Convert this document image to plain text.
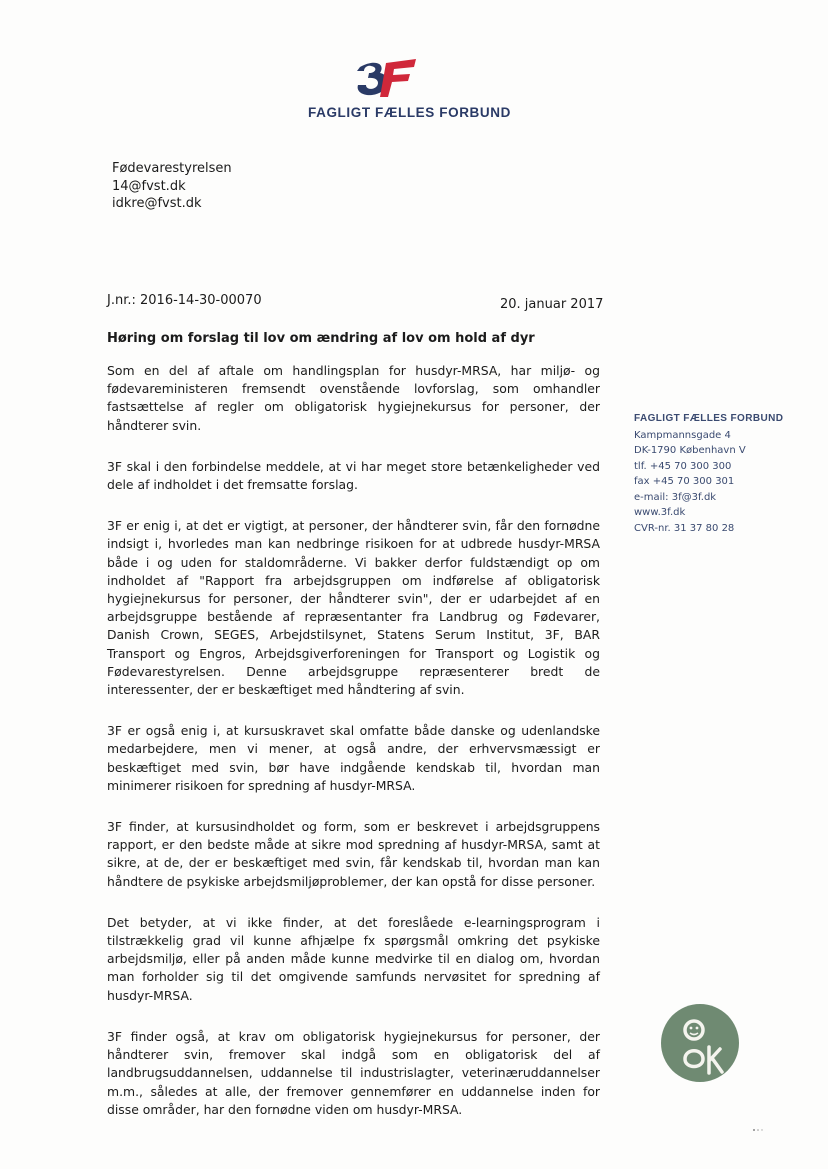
FAGLIGT FÆLLES FORBUND
Fødevarestyrelsen
14@fvst.dk
idkre@fvst.dk
J.nr.: 2016-14-30-00070	20. januar 2017
Høring om forslag til lov om ændring af lov om hold af dyr

Som en del af aftale om handlingsplan for husdyr-MRSA, har miljø- og fødevareministeren fremsendt ovenstående lovforslag, som omhandler fastsættelse af regler om obligatorisk hygiejnekursus for personer, der håndterer svin.

3F skal i den forbindelse meddele, at vi har meget store betænkeligheder ved dele af indholdet i det fremsatte forslag.

3F er enig i, at det er vigtigt, at personer, der håndterer svin, får den fornødne indsigt i, hvorledes man kan nedbringe risikoen for at udbrede husdyr-MRSA både i og uden for staldområderne. Vi bakker derfor fuldstændigt op om indholdet af "Rapport fra arbejdsgruppen om indførelse af obligatorisk hygiejnekursus for personer, der håndterer svin", der er udarbejdet af en arbejdsgruppe bestående af repræsentanter fra Landbrug og Fødevarer, Danish Crown, SEGES, Arbejdstilsynet, Statens Serum Institut, 3F, BAR Transport og Engros, Arbejdsgiverforeningen for Transport og Logistik og Fødevarestyrelsen. Denne arbejdsgruppe repræsenterer bredt de interessenter, der er beskæftiget med håndtering af svin.

3F er også enig i, at kursuskravet skal omfatte både danske og udenlandske medarbejdere, men vi mener, at også andre, der erhvervsmæssigt er beskæftiget med svin, bør have indgående kendskab til, hvordan man minimerer risikoen for spredning af husdyr-MRSA.

3F finder, at kursusindholdet og form, som er beskrevet i arbejdsgruppens rapport, er den bedste måde at sikre mod spredning af husdyr-MRSA, samt at sikre, at de, der er beskæftiget med svin, får kendskab til, hvordan man kan håndtere de psykiske arbejdsmiljøproblemer, der kan opstå for disse personer.

Det betyder, at vi ikke finder, at det foreslåede e-learningsprogram i tilstrækkelig grad vil kunne afhjælpe fx spørgsmål omkring det psykiske arbejdsmiljø, eller på anden måde kunne medvirke til en dialog om, hvordan man forholder sig til det omgivende samfunds nervøsitet for spredning af husdyr-MRSA.

3F finder også, at krav om obligatorisk hygiejnekursus for personer, der håndterer svin, fremover skal indgå som en obligatorisk del af landbrugsuddannelsen, uddannelse til industrislagter, veterinæruddannelser m.m., således at alle, der fremover gennemfører en uddannelse inden for disse områder, har den fornødne viden om husdyr-MRSA.

FAGLIGT FÆLLES FORBUND
Kampmannsgade 4
DK-1790 København V
tlf. +45 70 300 300
fax +45 70 300 301
e-mail: 3f@3f.dk
www.3f.dk
CVR-nr. 31 37 80 28
